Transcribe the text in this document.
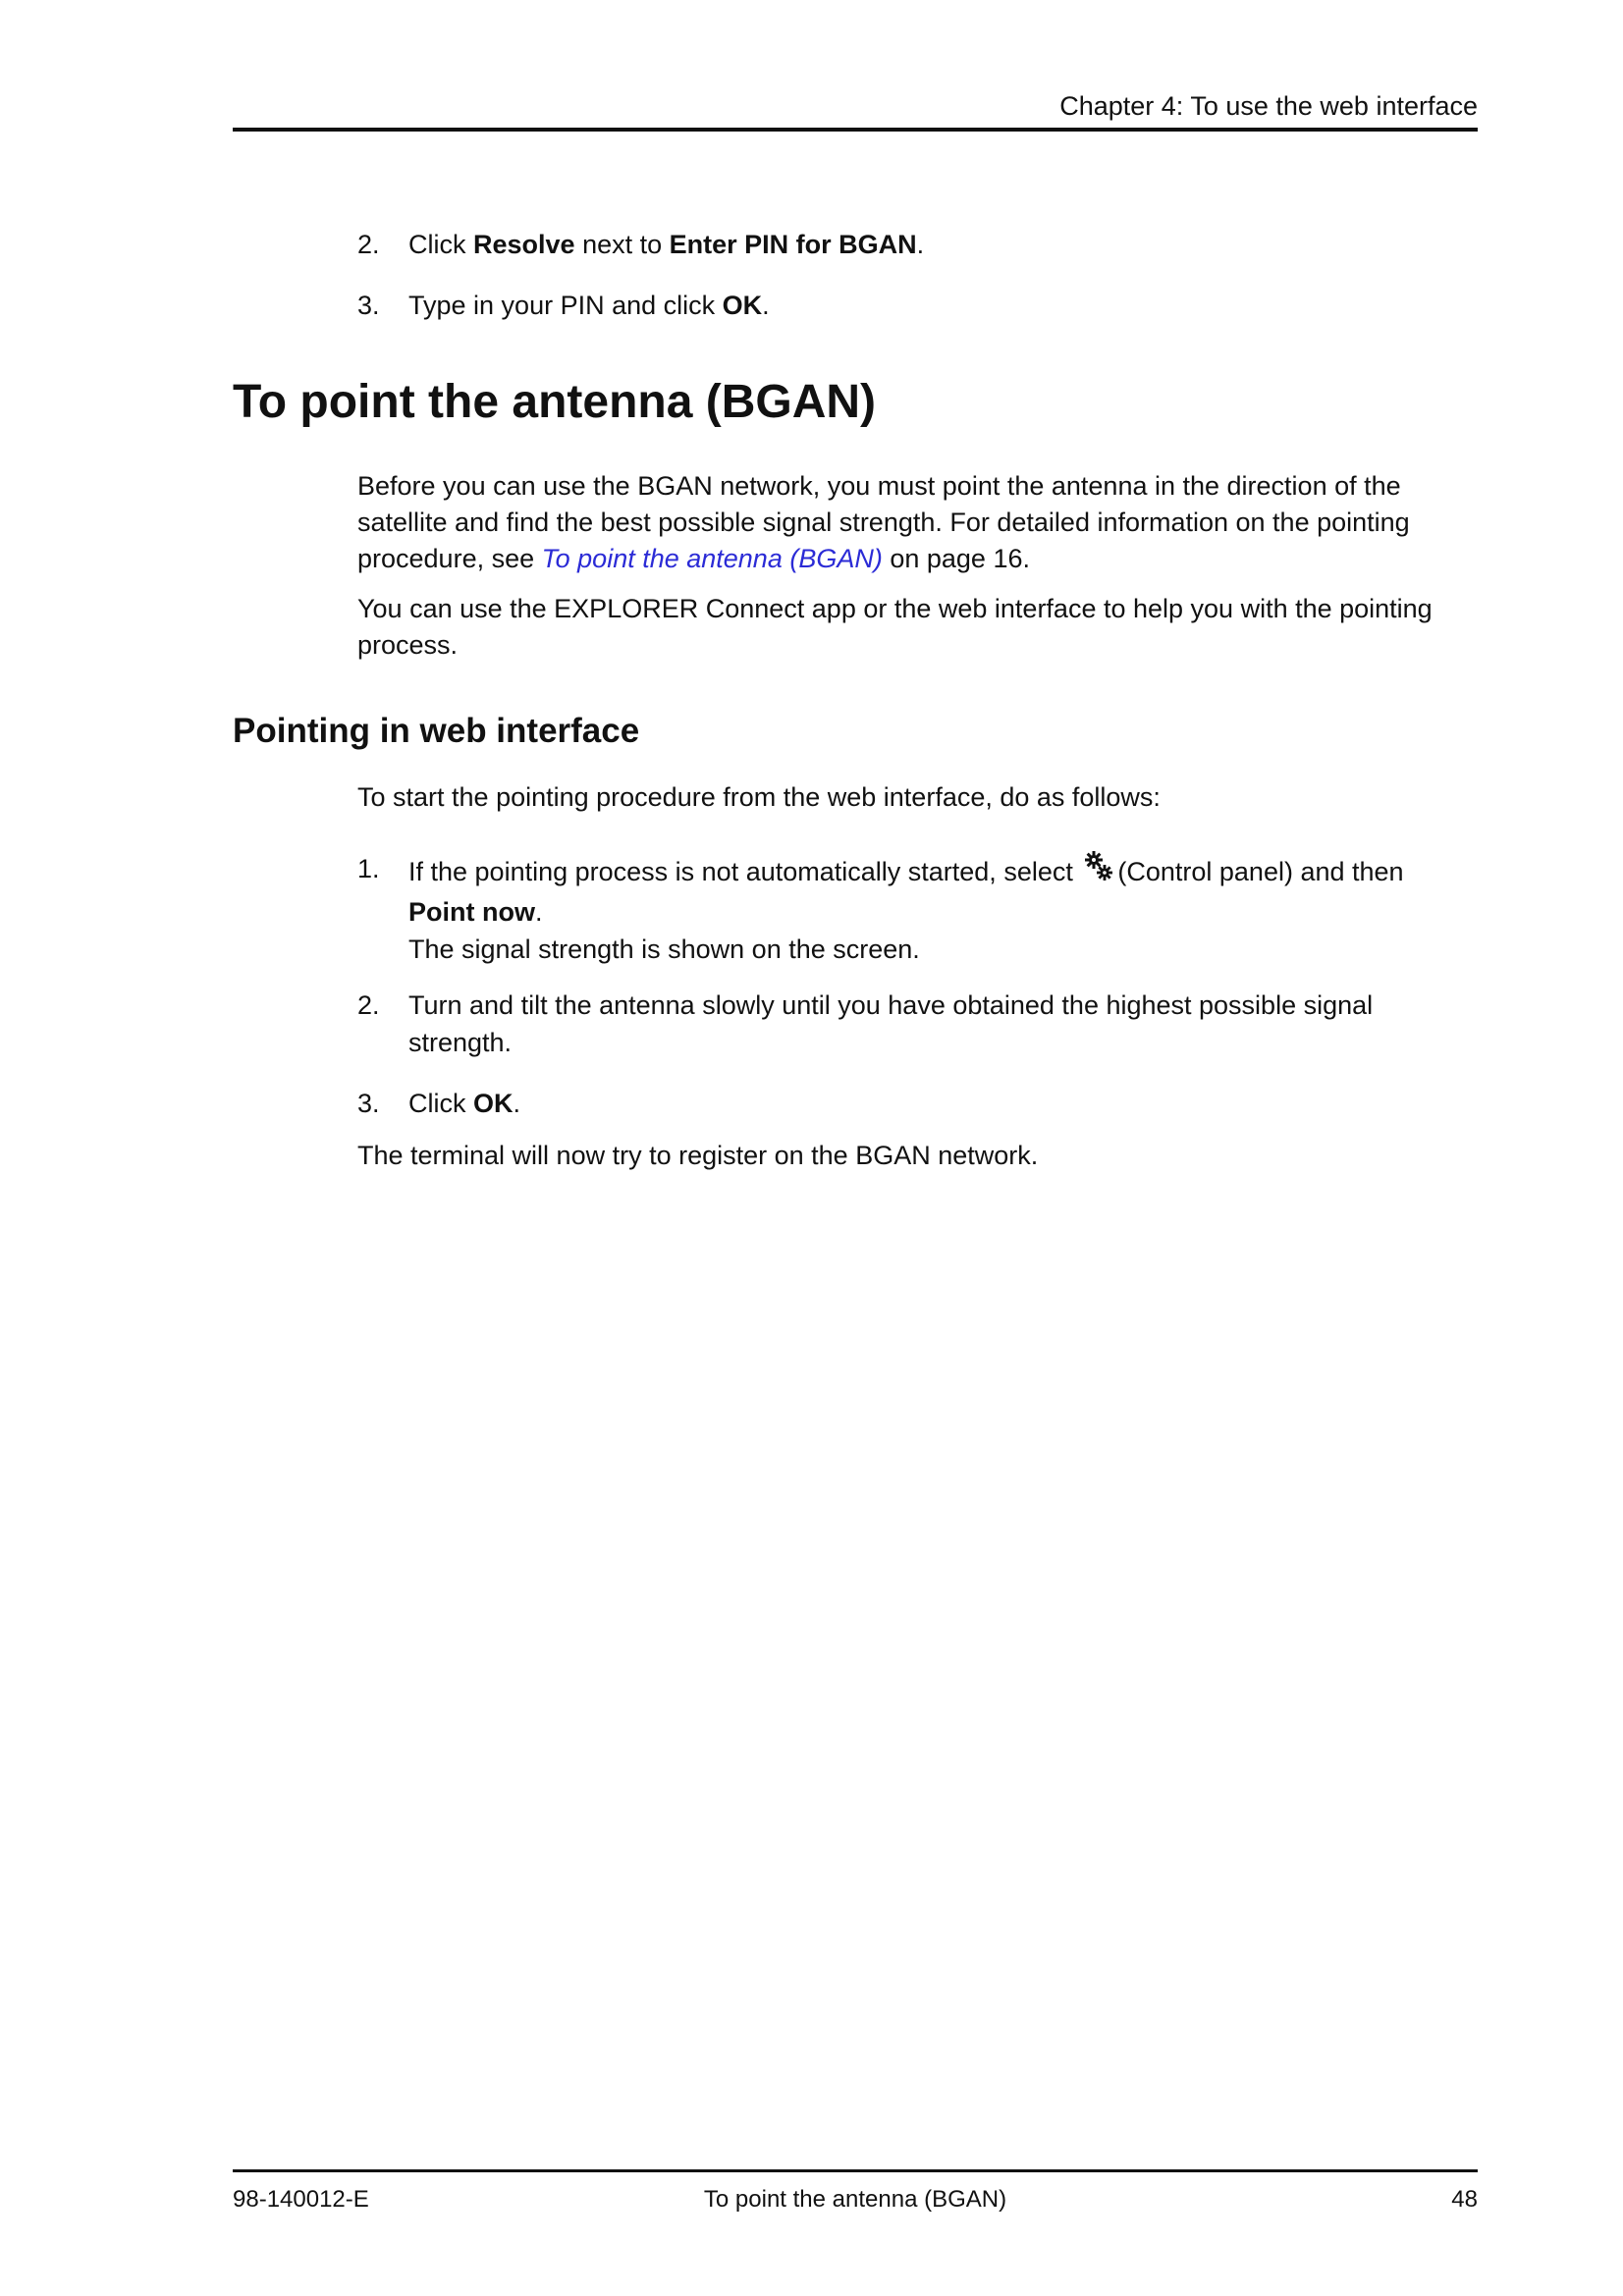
Chapter 4: To use the web interface
2. Click Resolve next to Enter PIN for BGAN.
3. Type in your PIN and click OK.
To point the antenna (BGAN)

Before you can use the BGAN network, you must point the antenna in the direction of the satellite and find the best possible signal strength. For detailed information on the pointing procedure, see To point the antenna (BGAN) on page 16.

You can use the EXPLORER Connect app or the web interface to help you with the pointing process.

Pointing in web interface

To start the pointing procedure from the web interface, do as follows:

1. If the pointing process is not automatically started, select (Control panel) and then
Point now.
The signal strength is shown on the screen.
2. Turn and tilt the antenna slowly until you have obtained the highest possible signal strength.
3. Click OK.

The terminal will now try to register on the BGAN network.

98-140012-E	To point the antenna (BGAN)	48
